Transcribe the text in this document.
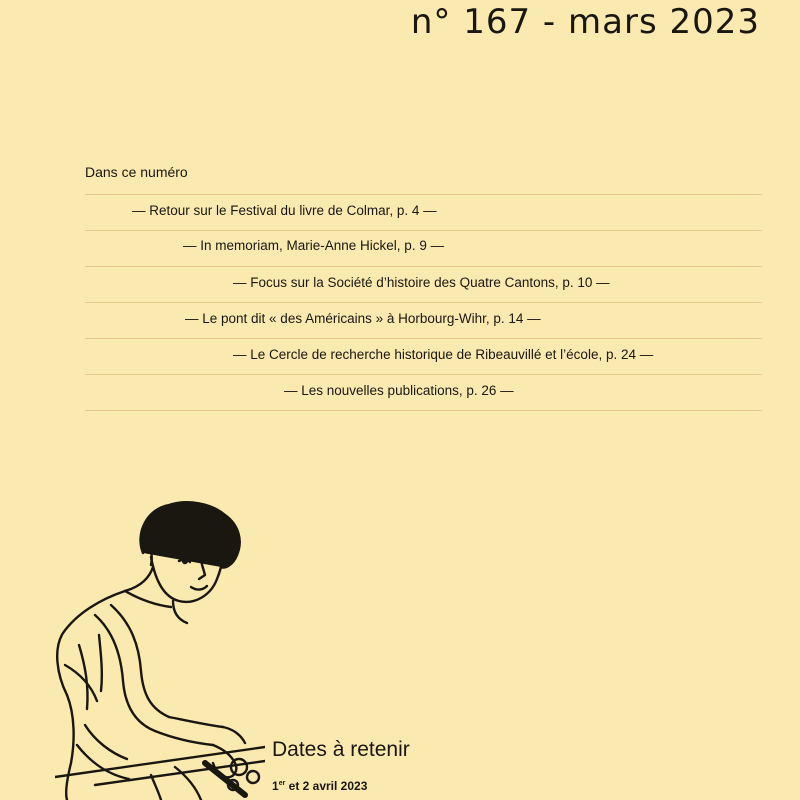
n° 167 - mars 2023
Dans ce numéro
— Retour sur le Festival du livre de Colmar, p. 4 —
— In memoriam, Marie-Anne Hickel, p. 9 —
— Focus sur la Société d’histoire des Quatre Cantons, p. 10 —
— Le pont dit « des Américains » à Horbourg-Wihr, p. 14 —
— Le Cercle de recherche historique de Ribeauvillé et l’école, p. 24 —
— Les nouvelles publications, p. 26 —
Dates à retenir
1er et 2 avril 2023
